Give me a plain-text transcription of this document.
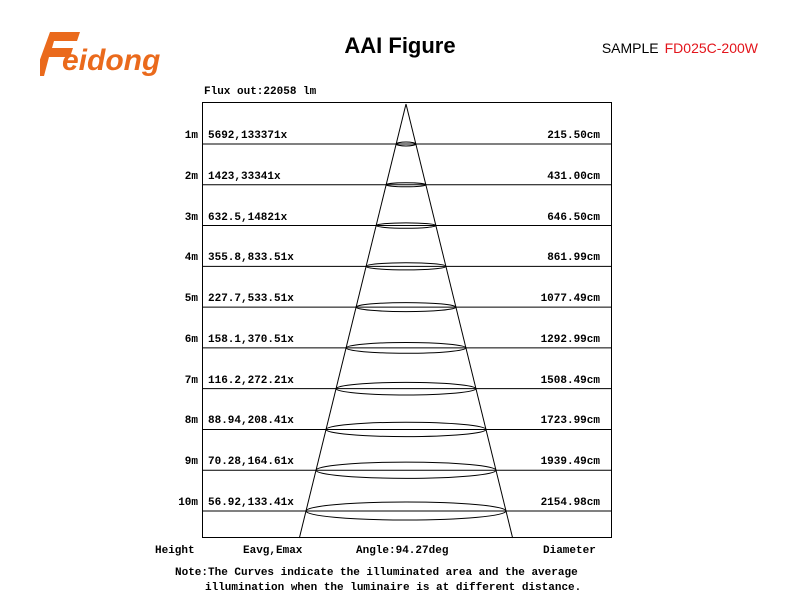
eidong	AAI Figure	SAMPLE FD025C-200W
Flux out:22058 lm
1m 5692,133371x	215.50cm
2m 1423,33341x	431.00cm
3m 632.5,14821x	646.50cm
4m 355.8,833.51x	861.99cm
5m 227.7,533.51x	1077.49cm
6m 158.1,370.51x	1292.99cm
7m 116.2,272.21x	1508.49cm
8m 88.94,208.41x	1723.99cm
9m 70.28,164.61x	1939.49cm
10m 56.92,133.41x	2154.98cm
Height	Eavg,Emax	Angle:94.27deg	Diameter
Note:The Curves indicate the illuminated area and the average
illumination when the luminaire is at different distance.
